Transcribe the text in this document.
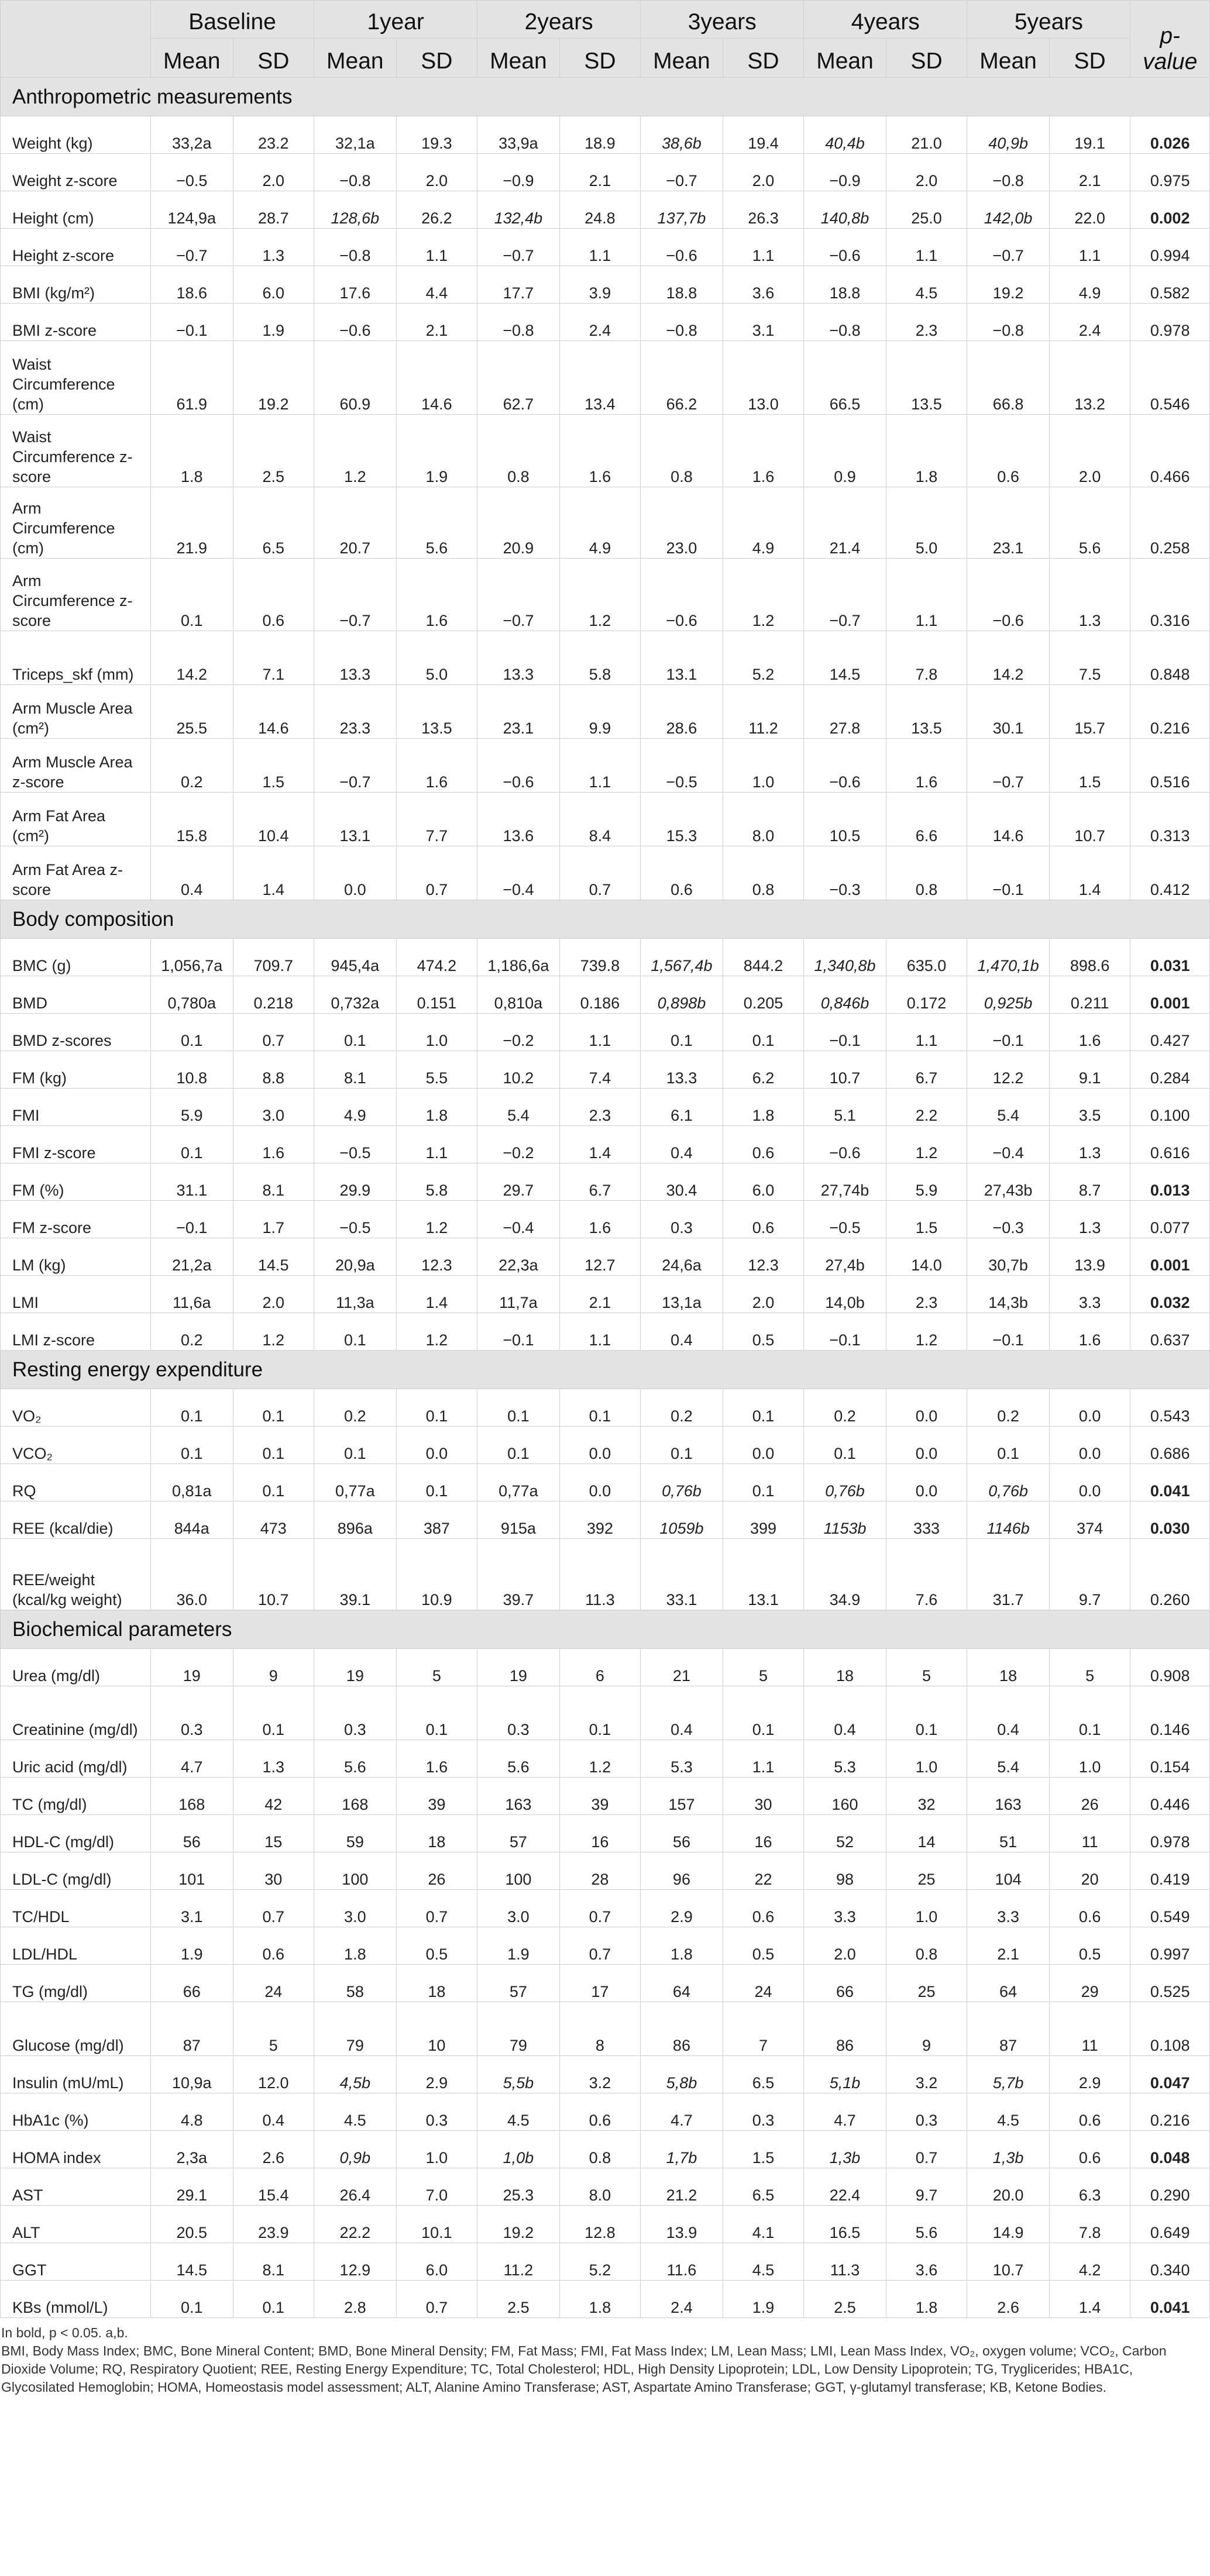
	Baseline		1year		2years		3years		4years		5years		p-value
	Mean	SD	Mean	SD	Mean	SD	Mean	SD	Mean	SD	Mean	SD	
Anthropometric measurements													
Weight (kg)	33,2a	23.2	32,1a	19.3	33,9a	18.9	38,6b	19.4	40,4b	21.0	40,9b	19.1	0.026
Weight z-score	−0.5	2.0	−0.8	2.0	−0.9	2.1	−0.7	2.0	−0.9	2.0	−0.8	2.1	0.975
Height (cm)	124,9a	28.7	128,6b	26.2	132,4b	24.8	137,7b	26.3	140,8b	25.0	142,0b	22.0	0.002
Height z-score	−0.7	1.3	−0.8	1.1	−0.7	1.1	−0.6	1.1	−0.6	1.1	−0.7	1.1	0.994
BMI (kg/m²)	18.6	6.0	17.6	4.4	17.7	3.9	18.8	3.6	18.8	4.5	19.2	4.9	0.582
BMI z-score	−0.1	1.9	−0.6	2.1	−0.8	2.4	−0.8	3.1	−0.8	2.3	−0.8	2.4	0.978
Waist Circumference (cm)	61.9	19.2	60.9	14.6	62.7	13.4	66.2	13.0	66.5	13.5	66.8	13.2	0.546
Waist Circumference z-score	1.8	2.5	1.2	1.9	0.8	1.6	0.8	1.6	0.9	1.8	0.6	2.0	0.466
Arm Circumference (cm)	21.9	6.5	20.7	5.6	20.9	4.9	23.0	4.9	21.4	5.0	23.1	5.6	0.258
Arm Circumference z-score	0.1	0.6	−0.7	1.6	−0.7	1.2	−0.6	1.2	−0.7	1.1	−0.6	1.3	0.316
Triceps_skf (mm)	14.2	7.1	13.3	5.0	13.3	5.8	13.1	5.2	14.5	7.8	14.2	7.5	0.848
Arm Muscle Area (cm²)	25.5	14.6	23.3	13.5	23.1	9.9	28.6	11.2	27.8	13.5	30.1	15.7	0.216
Arm Muscle Area z-score	0.2	1.5	−0.7	1.6	−0.6	1.1	−0.5	1.0	−0.6	1.6	−0.7	1.5	0.516
Arm Fat Area (cm²)	15.8	10.4	13.1	7.7	13.6	8.4	15.3	8.0	10.5	6.6	14.6	10.7	0.313
Arm Fat Area z-score	0.4	1.4	0.0	0.7	−0.4	0.7	0.6	0.8	−0.3	0.8	−0.1	1.4	0.412
Body composition													
BMC (g)	1,056,7a	709.7	945,4a	474.2	1,186,6a	739.8	1,567,4b	844.2	1,340,8b	635.0	1,470,1b	898.6	0.031
BMD	0,780a	0.218	0,732a	0.151	0,810a	0.186	0,898b	0.205	0,846b	0.172	0,925b	0.211	0.001
BMD z-scores	0.1	0.7	0.1	1.0	−0.2	1.1	0.1	0.1	−0.1	1.1	−0.1	1.6	0.427
FM (kg)	10.8	8.8	8.1	5.5	10.2	7.4	13.3	6.2	10.7	6.7	12.2	9.1	0.284
FMI	5.9	3.0	4.9	1.8	5.4	2.3	6.1	1.8	5.1	2.2	5.4	3.5	0.100
FMI z-score	0.1	1.6	−0.5	1.1	−0.2	1.4	0.4	0.6	−0.6	1.2	−0.4	1.3	0.616
FM (%)	31.1	8.1	29.9	5.8	29.7	6.7	30.4	6.0	27,74b	5.9	27,43b	8.7	0.013
FM z-score	−0.1	1.7	−0.5	1.2	−0.4	1.6	0.3	0.6	−0.5	1.5	−0.3	1.3	0.077
LM (kg)	21,2a	14.5	20,9a	12.3	22,3a	12.7	24,6a	12.3	27,4b	14.0	30,7b	13.9	0.001
LMI	11,6a	2.0	11,3a	1.4	11,7a	2.1	13,1a	2.0	14,0b	2.3	14,3b	3.3	0.032
LMI z-score	0.2	1.2	0.1	1.2	−0.1	1.1	0.4	0.5	−0.1	1.2	−0.1	1.6	0.637
Resting energy expenditure													
VO₂	0.1	0.1	0.2	0.1	0.1	0.1	0.2	0.1	0.2	0.0	0.2	0.0	0.543
VCO₂	0.1	0.1	0.1	0.0	0.1	0.0	0.1	0.0	0.1	0.0	0.1	0.0	0.686
RQ	0,81a	0.1	0,77a	0.1	0,77a	0.0	0,76b	0.1	0,76b	0.0	0,76b	0.0	0.041
REE (kcal/die)	844a	473	896a	387	915a	392	1059b	399	1153b	333	1146b	374	0.030
REE/weight (kcal/kg weight)	36.0	10.7	39.1	10.9	39.7	11.3	33.1	13.1	34.9	7.6	31.7	9.7	0.260
Biochemical parameters													
Urea (mg/dl)	19	9	19	5	19	6	21	5	18	5	18	5	0.908
Creatinine (mg/dl)	0.3	0.1	0.3	0.1	0.3	0.1	0.4	0.1	0.4	0.1	0.4	0.1	0.146
Uric acid (mg/dl)	4.7	1.3	5.6	1.6	5.6	1.2	5.3	1.1	5.3	1.0	5.4	1.0	0.154
TC (mg/dl)	168	42	168	39	163	39	157	30	160	32	163	26	0.446
HDL-C (mg/dl)	56	15	59	18	57	16	56	16	52	14	51	11	0.978
LDL-C (mg/dl)	101	30	100	26	100	28	96	22	98	25	104	20	0.419
TC/HDL	3.1	0.7	3.0	0.7	3.0	0.7	2.9	0.6	3.3	1.0	3.3	0.6	0.549
LDL/HDL	1.9	0.6	1.8	0.5	1.9	0.7	1.8	0.5	2.0	0.8	2.1	0.5	0.997
TG (mg/dl)	66	24	58	18	57	17	64	24	66	25	64	29	0.525
Glucose (mg/dl)	87	5	79	10	79	8	86	7	86	9	87	11	0.108
Insulin (mU/mL)	10,9a	12.0	4,5b	2.9	5,5b	3.2	5,8b	6.5	5,1b	3.2	5,7b	2.9	0.047
HbA1c (%)	4.8	0.4	4.5	0.3	4.5	0.6	4.7	0.3	4.7	0.3	4.5	0.6	0.216
HOMA index	2,3a	2.6	0,9b	1.0	1,0b	0.8	1,7b	1.5	1,3b	0.7	1,3b	0.6	0.048
AST	29.1	15.4	26.4	7.0	25.3	8.0	21.2	6.5	22.4	9.7	20.0	6.3	0.290
ALT	20.5	23.9	22.2	10.1	19.2	12.8	13.9	4.1	16.5	5.6	14.9	7.8	0.649
GGT	14.5	8.1	12.9	6.0	11.2	5.2	11.6	4.5	11.3	3.6	10.7	4.2	0.340
KBs (mmol/L)	0.1	0.1	2.8	0.7	2.5	1.8	2.4	1.9	2.5	1.8	2.6	1.4	0.041

In bold, p < 0.05. a,b.

BMI, Body Mass Index; BMC, Bone Mineral Content; BMD, Bone Mineral Density; FM, Fat Mass; FMI, Fat Mass Index; LM, Lean Mass; LMI, Lean Mass Index, VO₂, oxygen volume; VCO₂, Carbon Dioxide Volume; RQ, Respiratory Quotient; REE, Resting Energy Expenditure; TC, Total Cholesterol; HDL, High Density Lipoprotein; LDL, Low Density Lipoprotein; TG, Tryglicerides; HBA1C, Glycosilated Hemoglobin; HOMA, Homeostasis model assessment; ALT, Alanine Amino Transferase; AST, Aspartate Amino Transferase; GGT, γ-glutamyl transferase; KB, Ketone Bodies.
